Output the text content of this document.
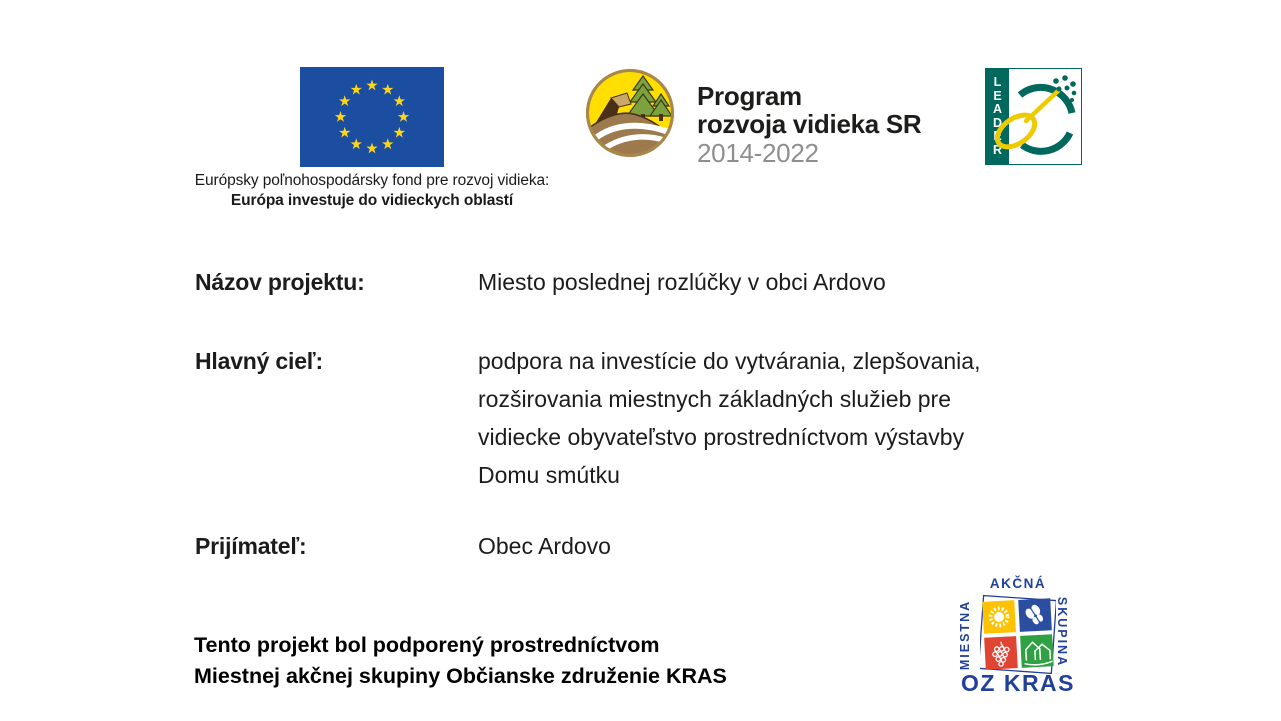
Európsky poľnohospodársky fond pre rozvoj vidieka:
Európa investuje do vidieckych oblastí
Program
rozvoja vidieka SR
2014-2022
LEADER
Názov projektu:	Miesto poslednej rozlúčky v obci Ardovo
Hlavný cieľ:	podpora na investície do vytvárania, zlepšovania,
rozširovania miestnych základných služieb pre
vidiecke obyvateľstvo prostredníctvom výstavby
Domu smútku
Prijímateľ:	Obec Ardovo
Tento projekt bol podporený prostredníctvom
Miestnej akčnej skupiny Občianske združenie KRAS
AKČNÁ
MIESTNA	SKUPINA
OZ KRAS
